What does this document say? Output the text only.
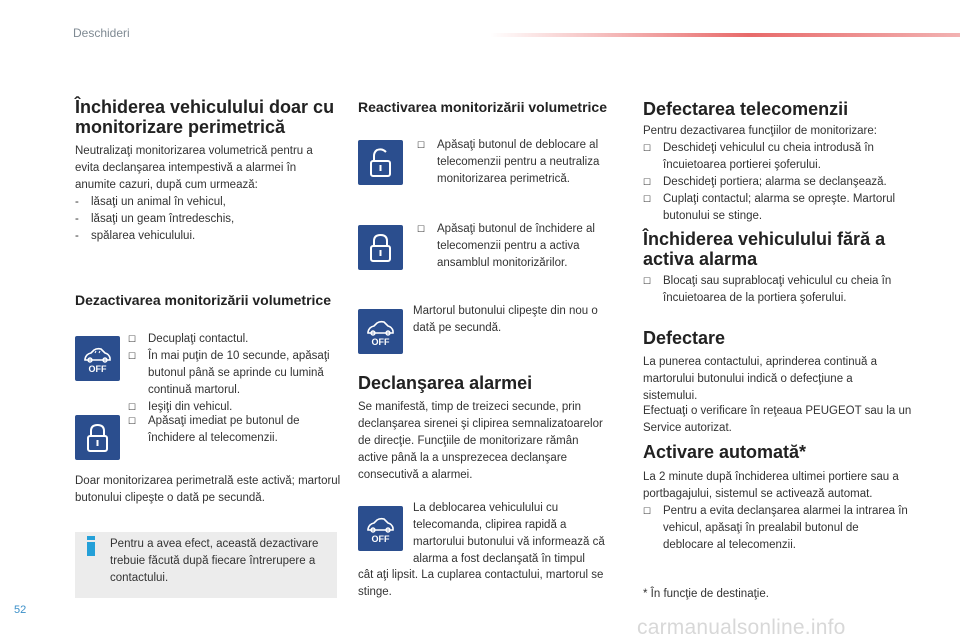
Deschideri
Închiderea vehiculului doar cu monitorizare perimetrică
Neutralizaţi monitorizarea volumetrică pentru a evita declanşarea intempestivă a alarmei în anumite cazuri, după cum urmează:
- lăsaţi un animal în vehicul,
- lăsaţi un geam întredeschis,
- spălarea vehiculului.
Dezactivarea monitorizării volumetrice
OFF
☐ Decuplaţi contactul.
☐ În mai puţin de 10 secunde, apăsaţi butonul până se aprinde cu lumină continuă martorul.
☐ Ieşiţi din vehicul.
☐ Apăsaţi imediat pe butonul de închidere al telecomenzii.
Doar monitorizarea perimetrală este activă; martorul butonului clipeşte o dată pe secundă.
Pentru a avea efect, această dezactivare trebuie făcută după fiecare întrerupere a contactului.
Reactivarea monitorizării volumetrice
☐ Apăsaţi butonul de deblocare al telecomenzii pentru a neutraliza monitorizarea perimetrică.
☐ Apăsaţi butonul de închidere al telecomenzii pentru a activa ansamblul monitorizărilor.
OFF
Martorul butonului clipeşte din nou o dată pe secundă.
Declanşarea alarmei
Se manifestă, timp de treizeci secunde, prin declanşarea sirenei şi clipirea semnalizatoarelor de direcţie. Funcţiile de monitorizare rămân active până la a unsprezecea declanşare consecutivă a alarmei.
OFF
La deblocarea vehiculului cu telecomanda, clipirea rapidă a martorului butonului vă informează că alarma a fost declanşată în timpul
cât aţi lipsit. La cuplarea contactului, martorul se stinge.
Defectarea telecomenzii
Pentru dezactivarea funcţiilor de monitorizare:
☐ Deschideţi vehiculul cu cheia introdusă în încuietoarea portierei şoferului.
☐ Deschideţi portiera; alarma se declanşează.
☐ Cuplaţi contactul; alarma se opreşte. Martorul butonului se stinge.
Închiderea vehiculului fără a activa alarma
☐ Blocaţi sau suprablocaţi vehiculul cu cheia în încuietoarea de la portiera şoferului.
Defectare
La punerea contactului, aprinderea continuă a martorului butonului indică o defecţiune a sistemului.
Efectuaţi o verificare în reţeaua PEUGEOT sau la un Service autorizat.
Activare automată*
La 2 minute după închiderea ultimei portiere sau a portbagajului, sistemul se activează automat.
☐ Pentru a evita declanşarea alarmei la intrarea în vehicul, apăsaţi în prealabil butonul de deblocare al telecomenzii.
* În funcţie de destinaţie.
52
carmanualsonline.info
